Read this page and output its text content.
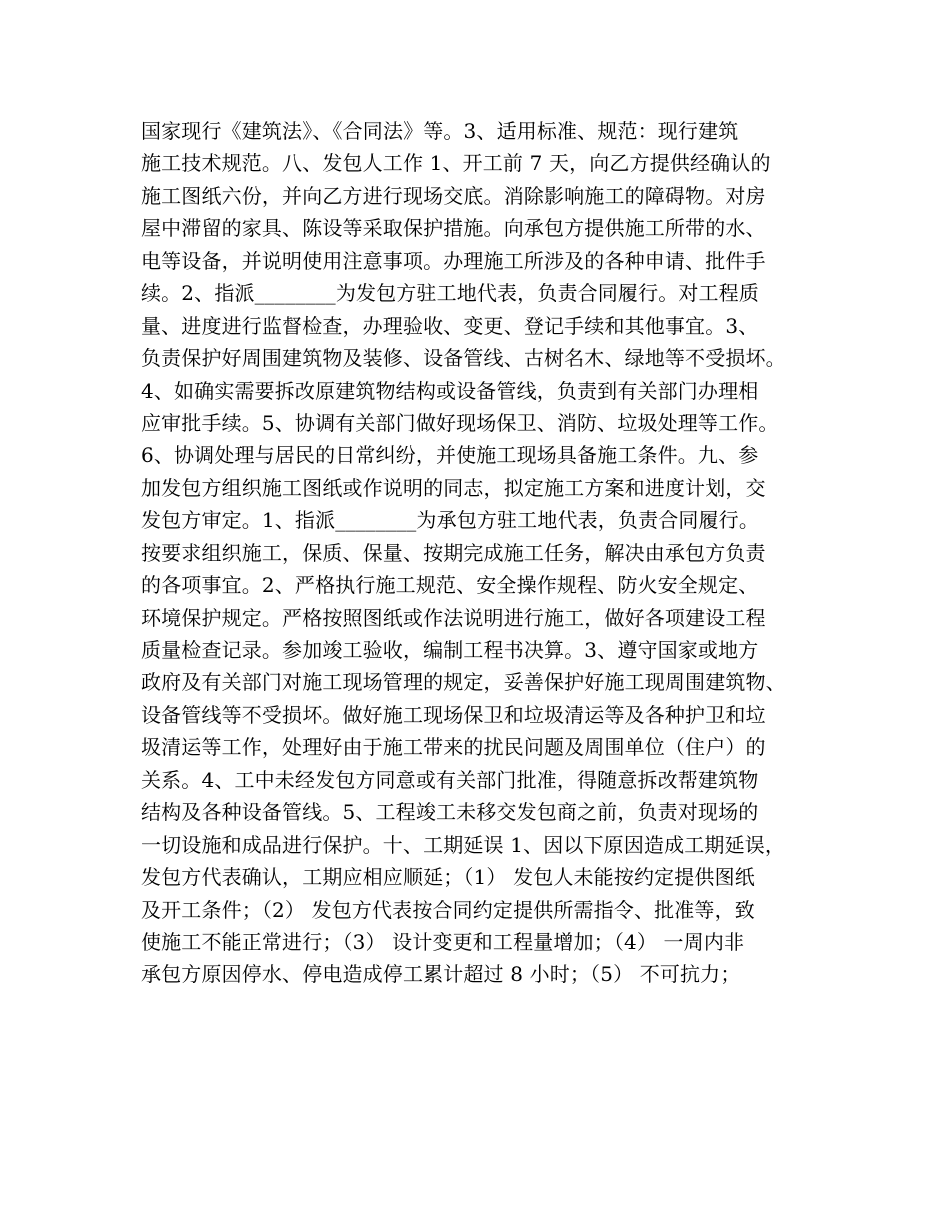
国家现行《建筑法》、《合同法》等。3、适用标准、规范：现行建筑
施工技术规范。八、发包人工作 1、开工前 7 天，向乙方提供经确认的
施工图纸六份，并向乙方进行现场交底。消除影响施工的障碍物。对房
屋中滞留的家具、陈设等采取保护措施。向承包方提供施工所带的水、
电等设备，并说明使用注意事项。办理施工所涉及的各种申请、批件手
续。2、指派________为发包方驻工地代表，负责合同履行。对工程质
量、进度进行监督检查，办理验收、变更、登记手续和其他事宜。3、
负责保护好周围建筑物及装修、设备管线、古树名木、绿地等不受损坏。
4、如确实需要拆改原建筑物结构或设备管线，负责到有关部门办理相
应审批手续。5、协调有关部门做好现场保卫、消防、垃圾处理等工作。
6、协调处理与居民的日常纠纷，并使施工现场具备施工条件。九、参
加发包方组织施工图纸或作说明的同志，拟定施工方案和进度计划，交
发包方审定。1、指派________为承包方驻工地代表，负责合同履行。
按要求组织施工，保质、保量、按期完成施工任务，解决由承包方负责
的各项事宜。2、严格执行施工规范、安全操作规程、防火安全规定、
环境保护规定。严格按照图纸或作法说明进行施工，做好各项建设工程
质量检查记录。参加竣工验收，编制工程书决算。3、遵守国家或地方
政府及有关部门对施工现场管理的规定，妥善保护好施工现周围建筑物、
设备管线等不受损坏。做好施工现场保卫和垃圾清运等及各种护卫和垃
圾清运等工作，处理好由于施工带来的扰民问题及周围单位（住户）的
关系。4、工中未经发包方同意或有关部门批准，得随意拆改帮建筑物
结构及各种设备管线。5、工程竣工未移交发包商之前，负责对现场的
一切设施和成品进行保护。十、工期延误 1、因以下原因造成工期延误，
发包方代表确认，工期应相应顺延；（1） 发包人未能按约定提供图纸
及开工条件；（2） 发包方代表按合同约定提供所需指令、批准等，致
使施工不能正常进行；（3） 设计变更和工程量增加；（4） 一周内非
承包方原因停水、停电造成停工累计超过 8 小时；（5） 不可抗力；
